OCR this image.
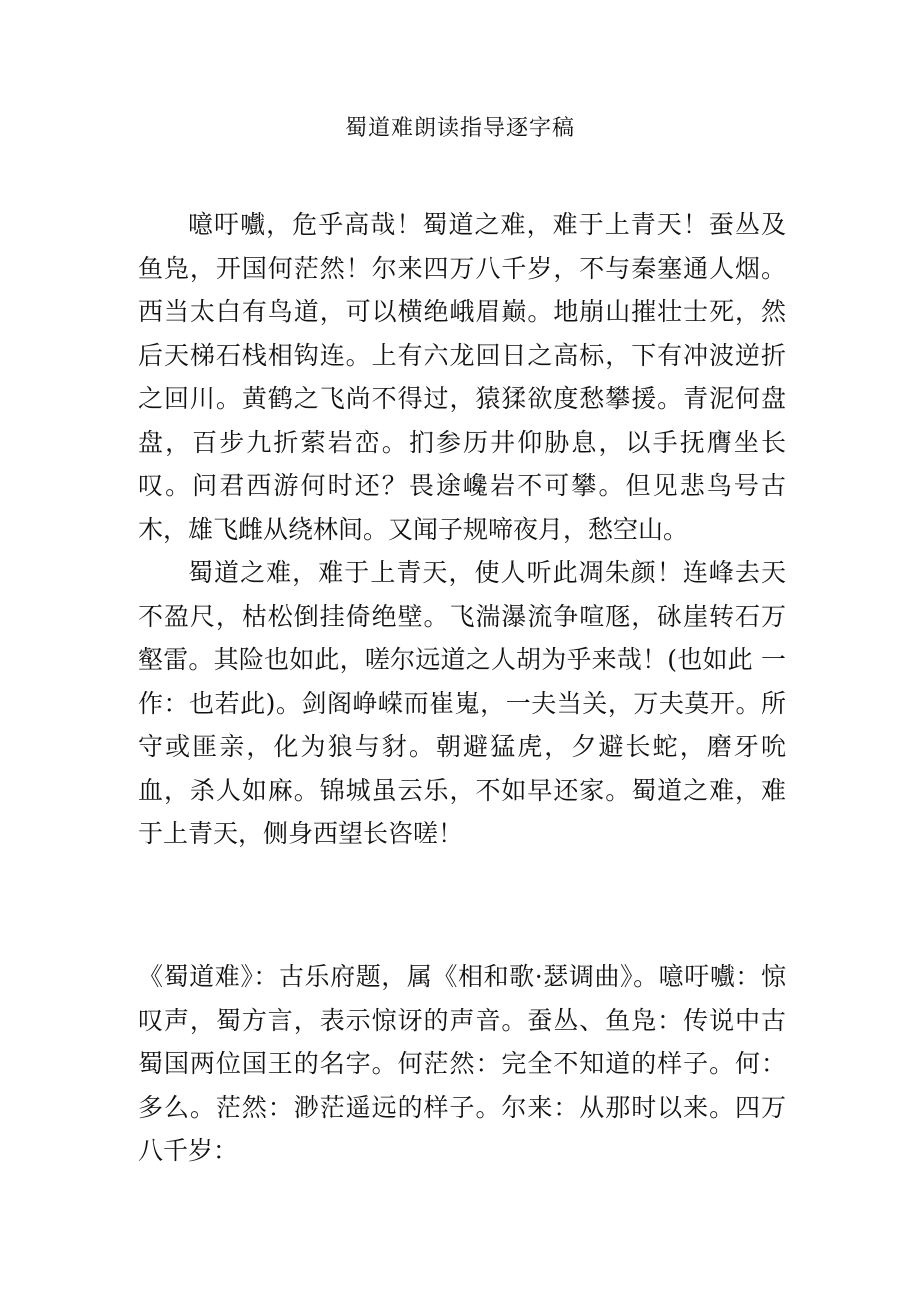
蜀道难朗读指导逐字稿

噫吁嚱，危乎高哉！蜀道之难，难于上青天！蚕丛及鱼凫，开国何茫然！尔来四万八千岁，不与秦塞通人烟。西当太白有鸟道，可以横绝峨眉巅。地崩山摧壮士死，然后天梯石栈相钩连。上有六龙回日之高标，下有冲波逆折之回川。黄鹤之飞尚不得过，猿猱欲度愁攀援。青泥何盘盘，百步九折萦岩峦。扪参历井仰胁息，以手抚膺坐长叹。问君西游何时还？畏途巉岩不可攀。但见悲鸟号古木，雄飞雌从绕林间。又闻子规啼夜月，愁空山。

蜀道之难，难于上青天，使人听此凋朱颜！连峰去天不盈尺，枯松倒挂倚绝壁。飞湍瀑流争喧豗，砯崖转石万壑雷。其险也如此，嗟尔远道之人胡为乎来哉！(也如此 一作：也若此)。剑阁峥嵘而崔嵬，一夫当关，万夫莫开。所守或匪亲，化为狼与豺。朝避猛虎，夕避长蛇，磨牙吮血，杀人如麻。锦城虽云乐，不如早还家。蜀道之难，难于上青天，侧身西望长咨嗟！

《蜀道难》：古乐府题，属《相和歌·瑟调曲》。噫吁嚱：惊叹声，蜀方言，表示惊讶的声音。蚕丛、鱼凫：传说中古蜀国两位国王的名字。何茫然：完全不知道的样子。何：多么。茫然：渺茫遥远的样子。尔来：从那时以来。四万八千岁：
